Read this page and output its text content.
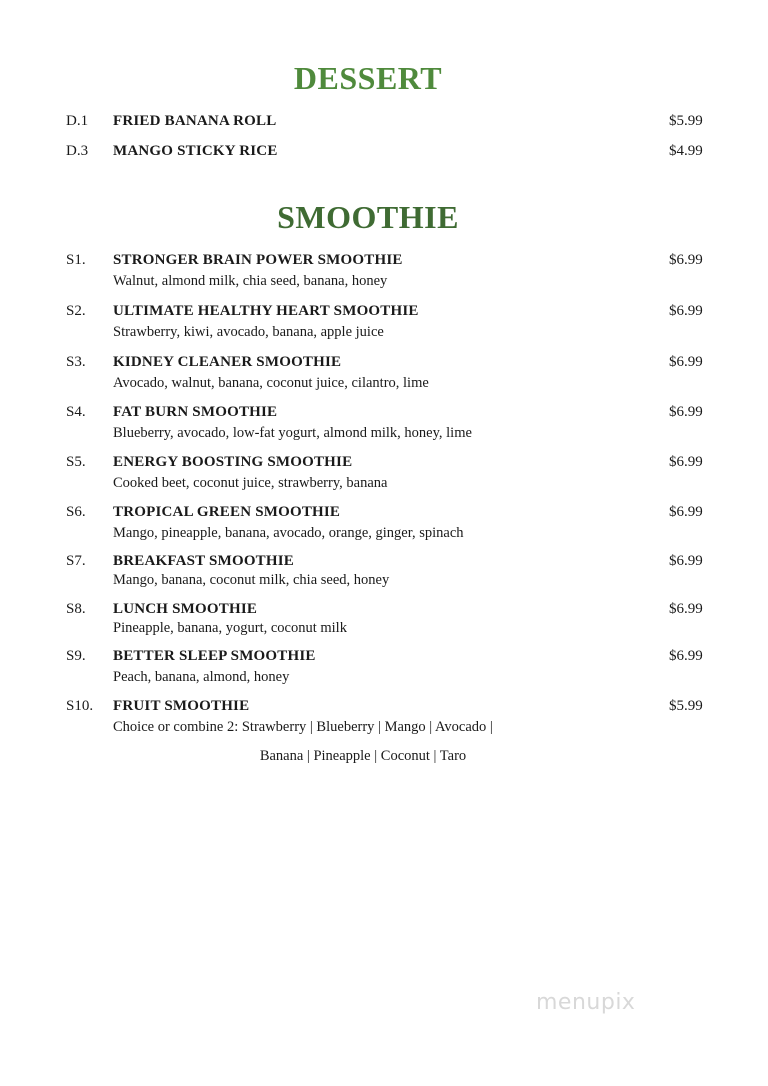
DESSERT
D.1 FRIED BANANA ROLL	$5.99
D.3 MANGO STICKY RICE	$4.99
SMOOTHIE
S1. STRONGER BRAIN POWER SMOOTHIE	$6.99
Walnut, almond milk, chia seed, banana, honey
S2. ULTIMATE HEALTHY HEART SMOOTHIE	$6.99
Strawberry, kiwi, avocado, banana, apple juice
S3. KIDNEY CLEANER SMOOTHIE	$6.99
Avocado, walnut, banana, coconut juice, cilantro, lime
S4. FAT BURN SMOOTHIE	$6.99
Blueberry, avocado, low-fat yogurt, almond milk, honey, lime
S5. ENERGY BOOSTING SMOOTHIE	$6.99
Cooked beet, coconut juice, strawberry, banana
S6. TROPICAL GREEN SMOOTHIE	$6.99
Mango, pineapple, banana, avocado, orange, ginger, spinach
S7. BREAKFAST SMOOTHIE	$6.99
Mango, banana, coconut milk, chia seed, honey
S8. LUNCH SMOOTHIE	$6.99
Pineapple, banana, yogurt, coconut milk
S9. BETTER SLEEP SMOOTHIE	$6.99
Peach, banana, almond, honey
S10. FRUIT SMOOTHIE	$5.99
Choice or combine 2: Strawberry | Blueberry | Mango | Avocado |
Banana | Pineapple | Coconut | Taro
menupix
